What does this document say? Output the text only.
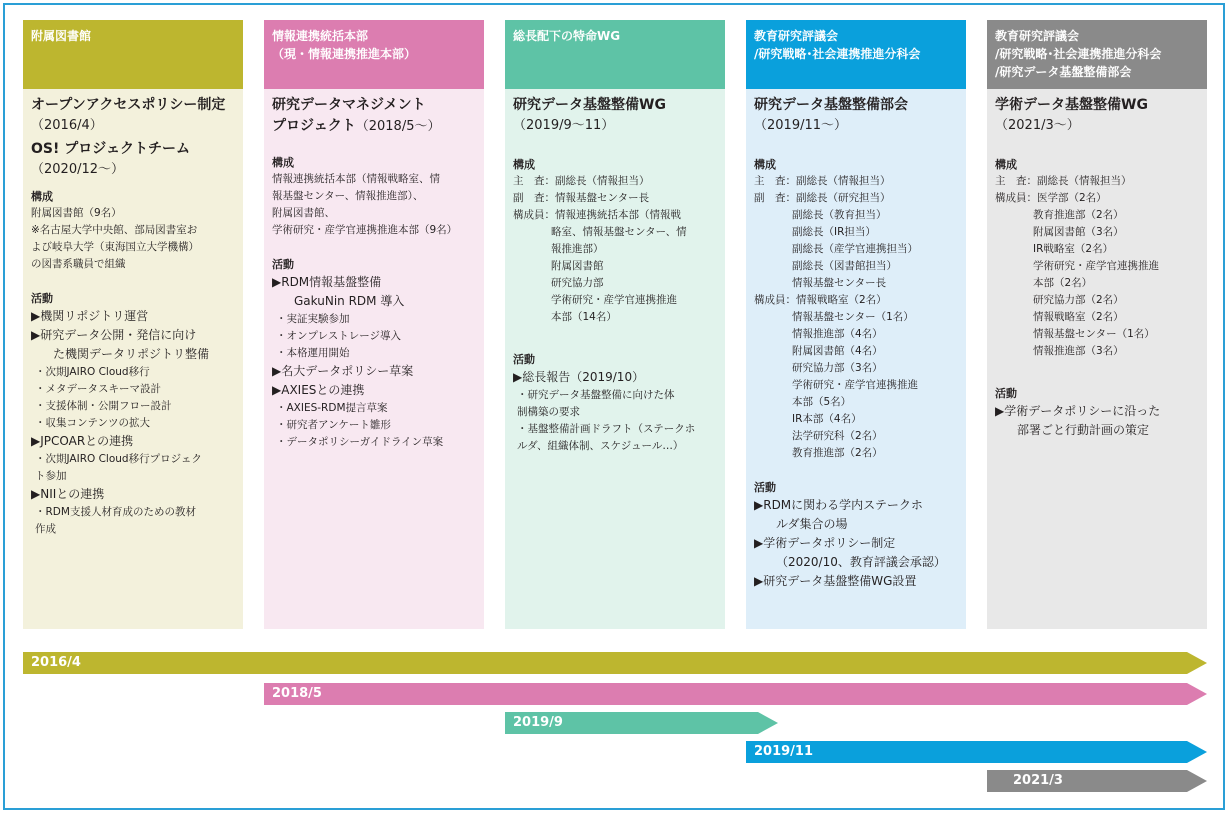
附属図書館
オープンアクセスポリシー制定
（2016/4）
OS! プロジェクトチーム
（2020/12～）
構成
附属図書館（9名）
※名古屋大学中央館、部局図書室お
よび岐阜大学（東海国立大学機構）
の図書系職員で組織
活動
▶機関リポジトリ運営
▶研究データ公開・発信に向け
た機関データリポジトリ整備
・次期JAIRO Cloud移行
・メタデータスキーマ設計
・支援体制・公開フロー設計
・収集コンテンツの拡大
▶JPCOARとの連携
・次期JAIRO Cloud移行プロジェク
ト参加
▶NIIとの連携
・RDM支援人材育成のための教材
作成
情報連携統括本部
（現・情報連携推進本部）
研究データマネジメント
プロジェクト（2018/5～）
構成
情報連携統括本部（情報戦略室、情
報基盤センター、情報推進部）、
附属図書館、
学術研究・産学官連携推進本部（9名）
活動
▶RDM情報基盤整備
GakuNin RDM 導入
・実証実験参加
・オンプレストレージ導入
・本格運用開始
▶名大データポリシー草案
▶AXIESとの連携
・AXIES-RDM提言草案
・研究者アンケート雛形
・データポリシーガイドライン草案
総長配下の特命WG
研究データ基盤整備WG
（2019/9～11）
構成
主　査：副総長（情報担当）
副　査：情報基盤センター長
構成員：情報連携統括本部（情報戦
略室、情報基盤センター、情
報推進部）
附属図書館
研究協力部
学術研究・産学官連携推進
本部（14名）
活動
▶総長報告（2019/10）
・研究データ基盤整備に向けた体
制構築の要求
・基盤整備計画ドラフト（ステークホ
ルダ、組織体制、スケジュール…）
教育研究評議会
/研究戦略･社会連携推進分科会
研究データ基盤整備部会
（2019/11～）
構成
主　査：副総長（情報担当）
副　査：副総長（研究担当）
副総長（教育担当）
副総長（IR担当）
副総長（産学官連携担当）
副総長（図書館担当）
情報基盤センター長
構成員：情報戦略室（2名）
情報基盤センター（1名）
情報推進部（4名）
附属図書館（4名）
研究協力部（3名）
学術研究・産学官連携推進
本部（5名）
IR本部（4名）
法学研究科（2名）
教育推進部（2名）
活動
▶RDMに関わる学内ステークホ
ルダ集合の場
▶学術データポリシー制定
（2020/10、教育評議会承認）
▶研究データ基盤整備WG設置
教育研究評議会
/研究戦略･社会連携推進分科会
/研究データ基盤整備部会
学術データ基盤整備WG
（2021/3～）
構成
主　査：副総長（情報担当）
構成員：医学部（2名）
教育推進部（2名）
附属図書館（3名）
IR戦略室（2名）
学術研究・産学官連携推進
本部（2名）
研究協力部（2名）
情報戦略室（2名）
情報基盤センター（1名）
情報推進部（3名）
活動
▶学術データポリシーに沿った
部署ごと行動計画の策定
2016/4
2018/5
2019/9
2019/11
2021/3
